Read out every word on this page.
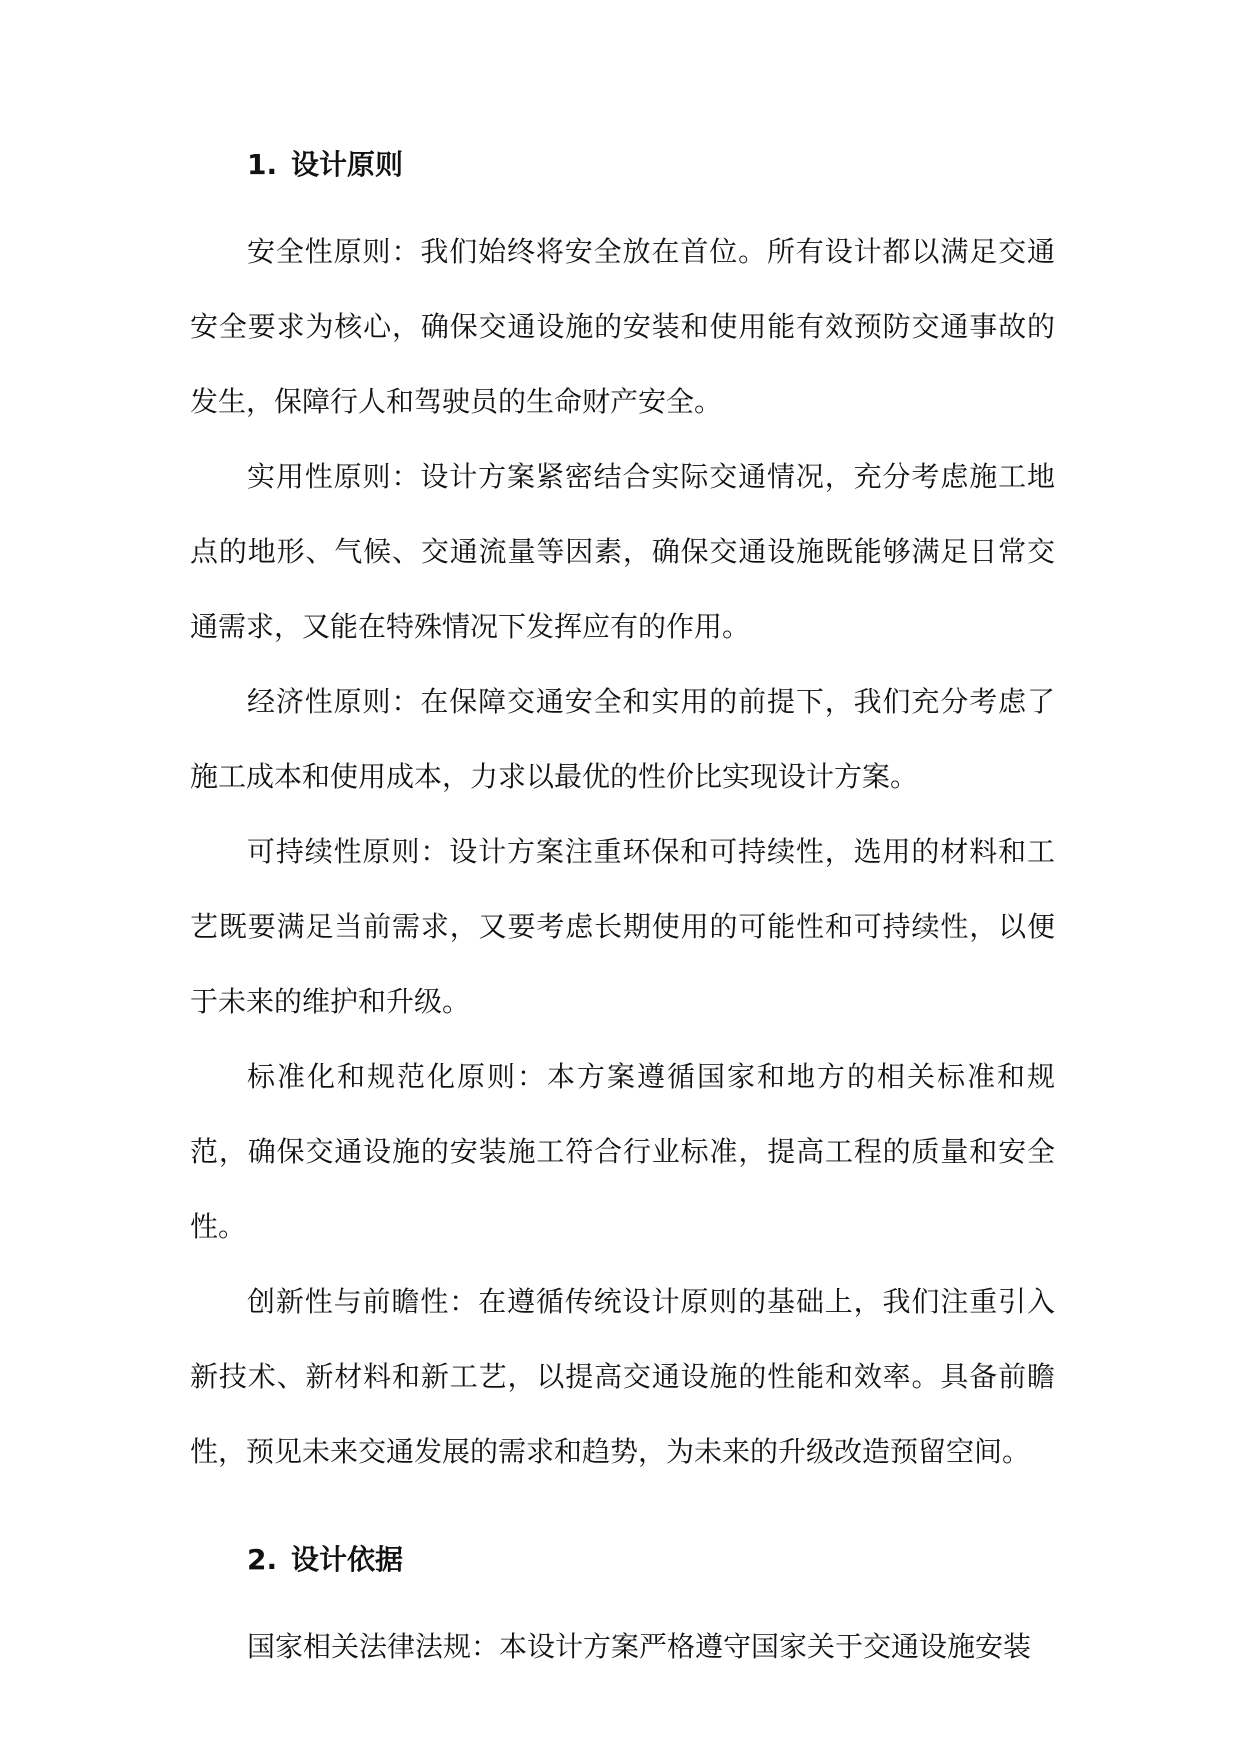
1. 设计原则

安全性原则：我们始终将安全放在首位。所有设计都以满足交通安全要求为核心，确保交通设施的安装和使用能有效预防交通事故的发生，保障行人和驾驶员的生命财产安全。

实用性原则：设计方案紧密结合实际交通情况，充分考虑施工地点的地形、气候、交通流量等因素，确保交通设施既能够满足日常交通需求，又能在特殊情况下发挥应有的作用。

经济性原则：在保障交通安全和实用的前提下，我们充分考虑了施工成本和使用成本，力求以最优的性价比实现设计方案。

可持续性原则：设计方案注重环保和可持续性，选用的材料和工艺既要满足当前需求，又要考虑长期使用的可能性和可持续性，以便于未来的维护和升级。

标准化和规范化原则：本方案遵循国家和地方的相关标准和规范，确保交通设施的安装施工符合行业标准，提高工程的质量和安全性。

创新性与前瞻性：在遵循传统设计原则的基础上，我们注重引入新技术、新材料和新工艺，以提高交通设施的性能和效率。具备前瞻性，预见未来交通发展的需求和趋势，为未来的升级改造预留空间。

2. 设计依据

国家相关法律法规：本设计方案严格遵守国家关于交通设施安装
